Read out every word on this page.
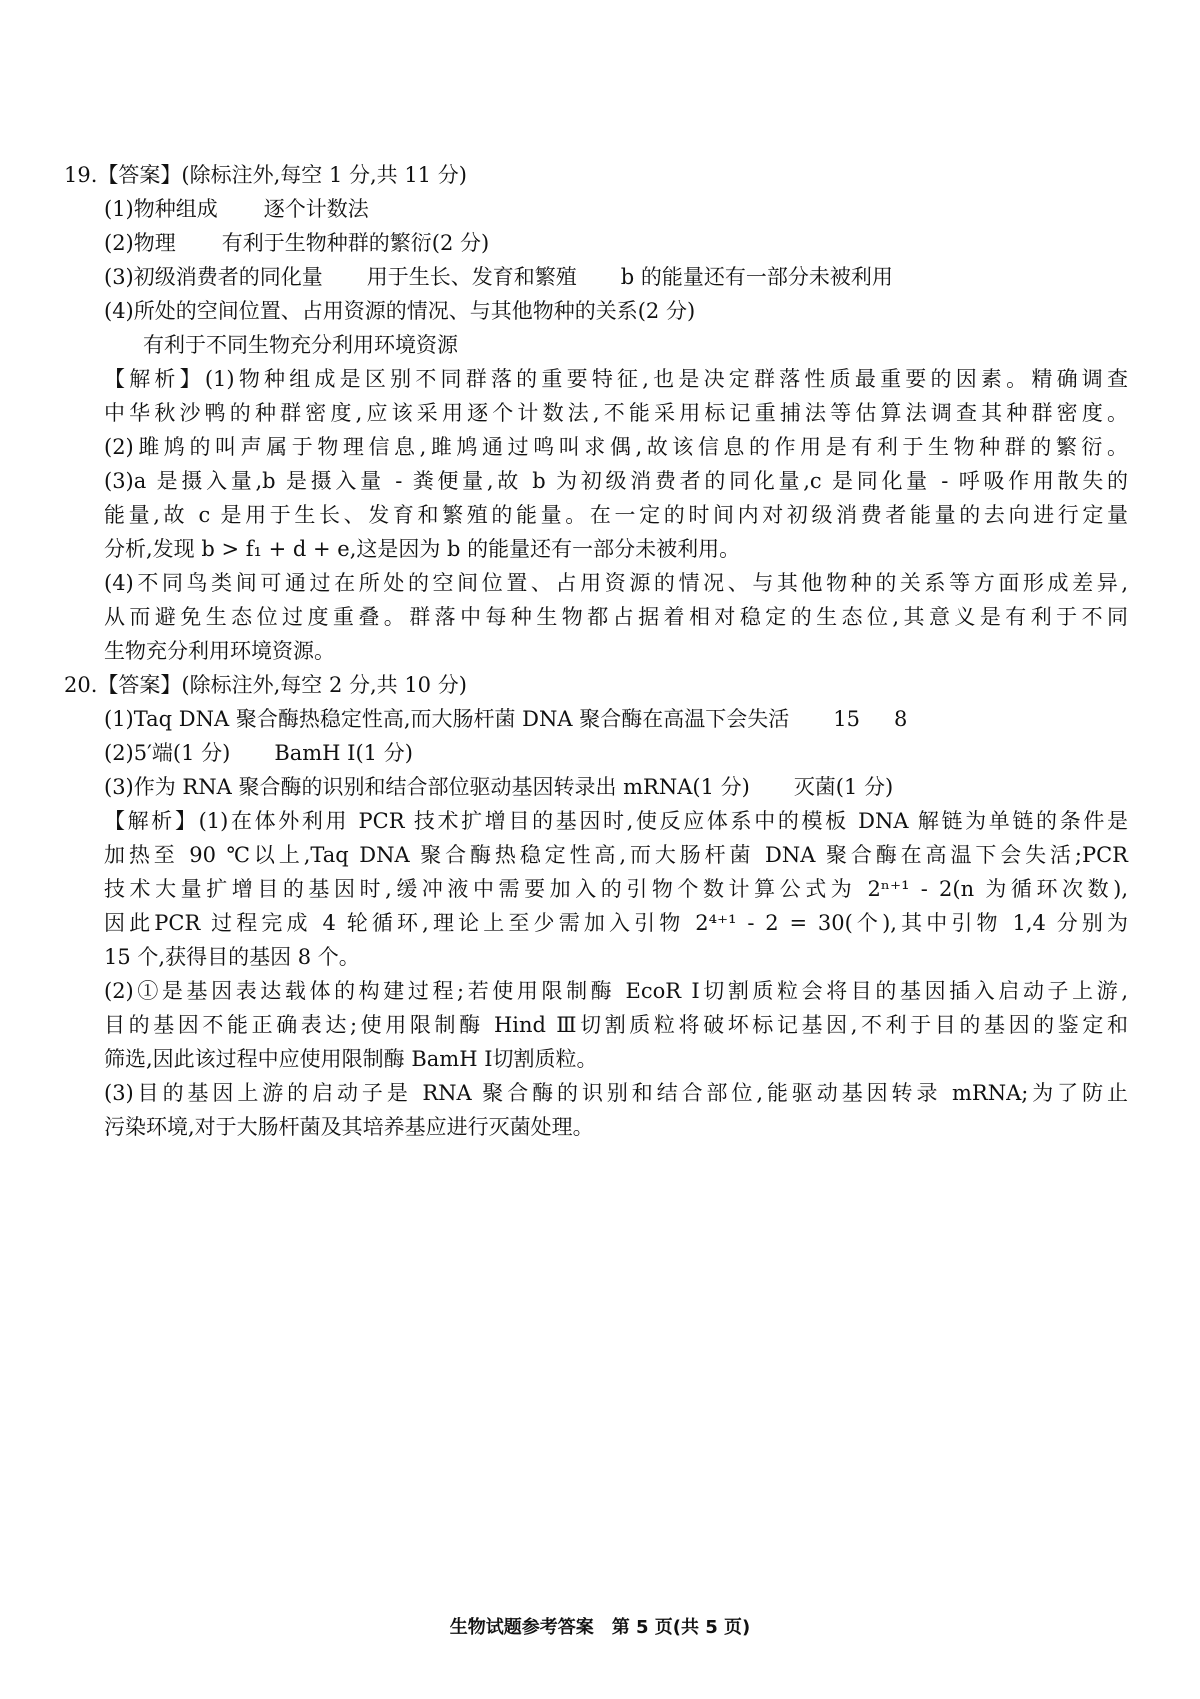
19.【答案】(除标注外,每空 1 分,共 11 分)
(1)物种组成 逐个计数法
(2)物理 有利于生物种群的繁衍(2 分)
(3)初级消费者的同化量 用于生长、发育和繁殖 b 的能量还有一部分未被利用
(4)所处的空间位置、占用资源的情况、与其他物种的关系(2 分)
有利于不同生物充分利用环境资源
【解析】(1)物种组成是区别不同群落的重要特征,也是决定群落性质最重要的因素。精确调查
中华秋沙鸭的种群密度,应该采用逐个计数法,不能采用标记重捕法等估算法调查其种群密度。
(2)雎鸠的叫声属于物理信息,雎鸠通过鸣叫求偶,故该信息的作用是有利于生物种群的繁衍。
(3)a 是摄入量,b 是摄入量 - 粪便量,故 b 为初级消费者的同化量,c 是同化量 - 呼吸作用散失的
能量,故 c 是用于生长、发育和繁殖的能量。在一定的时间内对初级消费者能量的去向进行定量
分析,发现 b > f₁ + d + e,这是因为 b 的能量还有一部分未被利用。
(4)不同鸟类间可通过在所处的空间位置、占用资源的情况、与其他物种的关系等方面形成差异,
从而避免生态位过度重叠。群落中每种生物都占据着相对稳定的生态位,其意义是有利于不同
生物充分利用环境资源。
20.【答案】(除标注外,每空 2 分,共 10 分)
(1)Taq DNA 聚合酶热稳定性高,而大肠杆菌 DNA 聚合酶在高温下会失活 15 8
(2)5′端(1 分) BamH Ⅰ(1 分)
(3)作为 RNA 聚合酶的识别和结合部位驱动基因转录出 mRNA(1 分) 灭菌(1 分)
【解析】(1)在体外利用 PCR 技术扩增目的基因时,使反应体系中的模板 DNA 解链为单链的条件是
加热至 90 ℃以上,Taq DNA 聚合酶热稳定性高,而大肠杆菌 DNA 聚合酶在高温下会失活;PCR
技术大量扩增目的基因时,缓冲液中需要加入的引物个数计算公式为 2ⁿ⁺¹ - 2(n 为循环次数),
因此PCR 过程完成 4 轮循环,理论上至少需加入引物 2⁴⁺¹ - 2 = 30(个),其中引物 1,4 分别为
15 个,获得目的基因 8 个。
(2)①是基因表达载体的构建过程;若使用限制酶 EcoR Ⅰ切割质粒会将目的基因插入启动子上游,
目的基因不能正确表达;使用限制酶 Hind Ⅲ切割质粒将破坏标记基因,不利于目的基因的鉴定和
筛选,因此该过程中应使用限制酶 BamH Ⅰ切割质粒。
(3)目的基因上游的启动子是 RNA 聚合酶的识别和结合部位,能驱动基因转录 mRNA;为了防止
污染环境,对于大肠杆菌及其培养基应进行灭菌处理。
生物试题参考答案　第 5 页(共 5 页)
